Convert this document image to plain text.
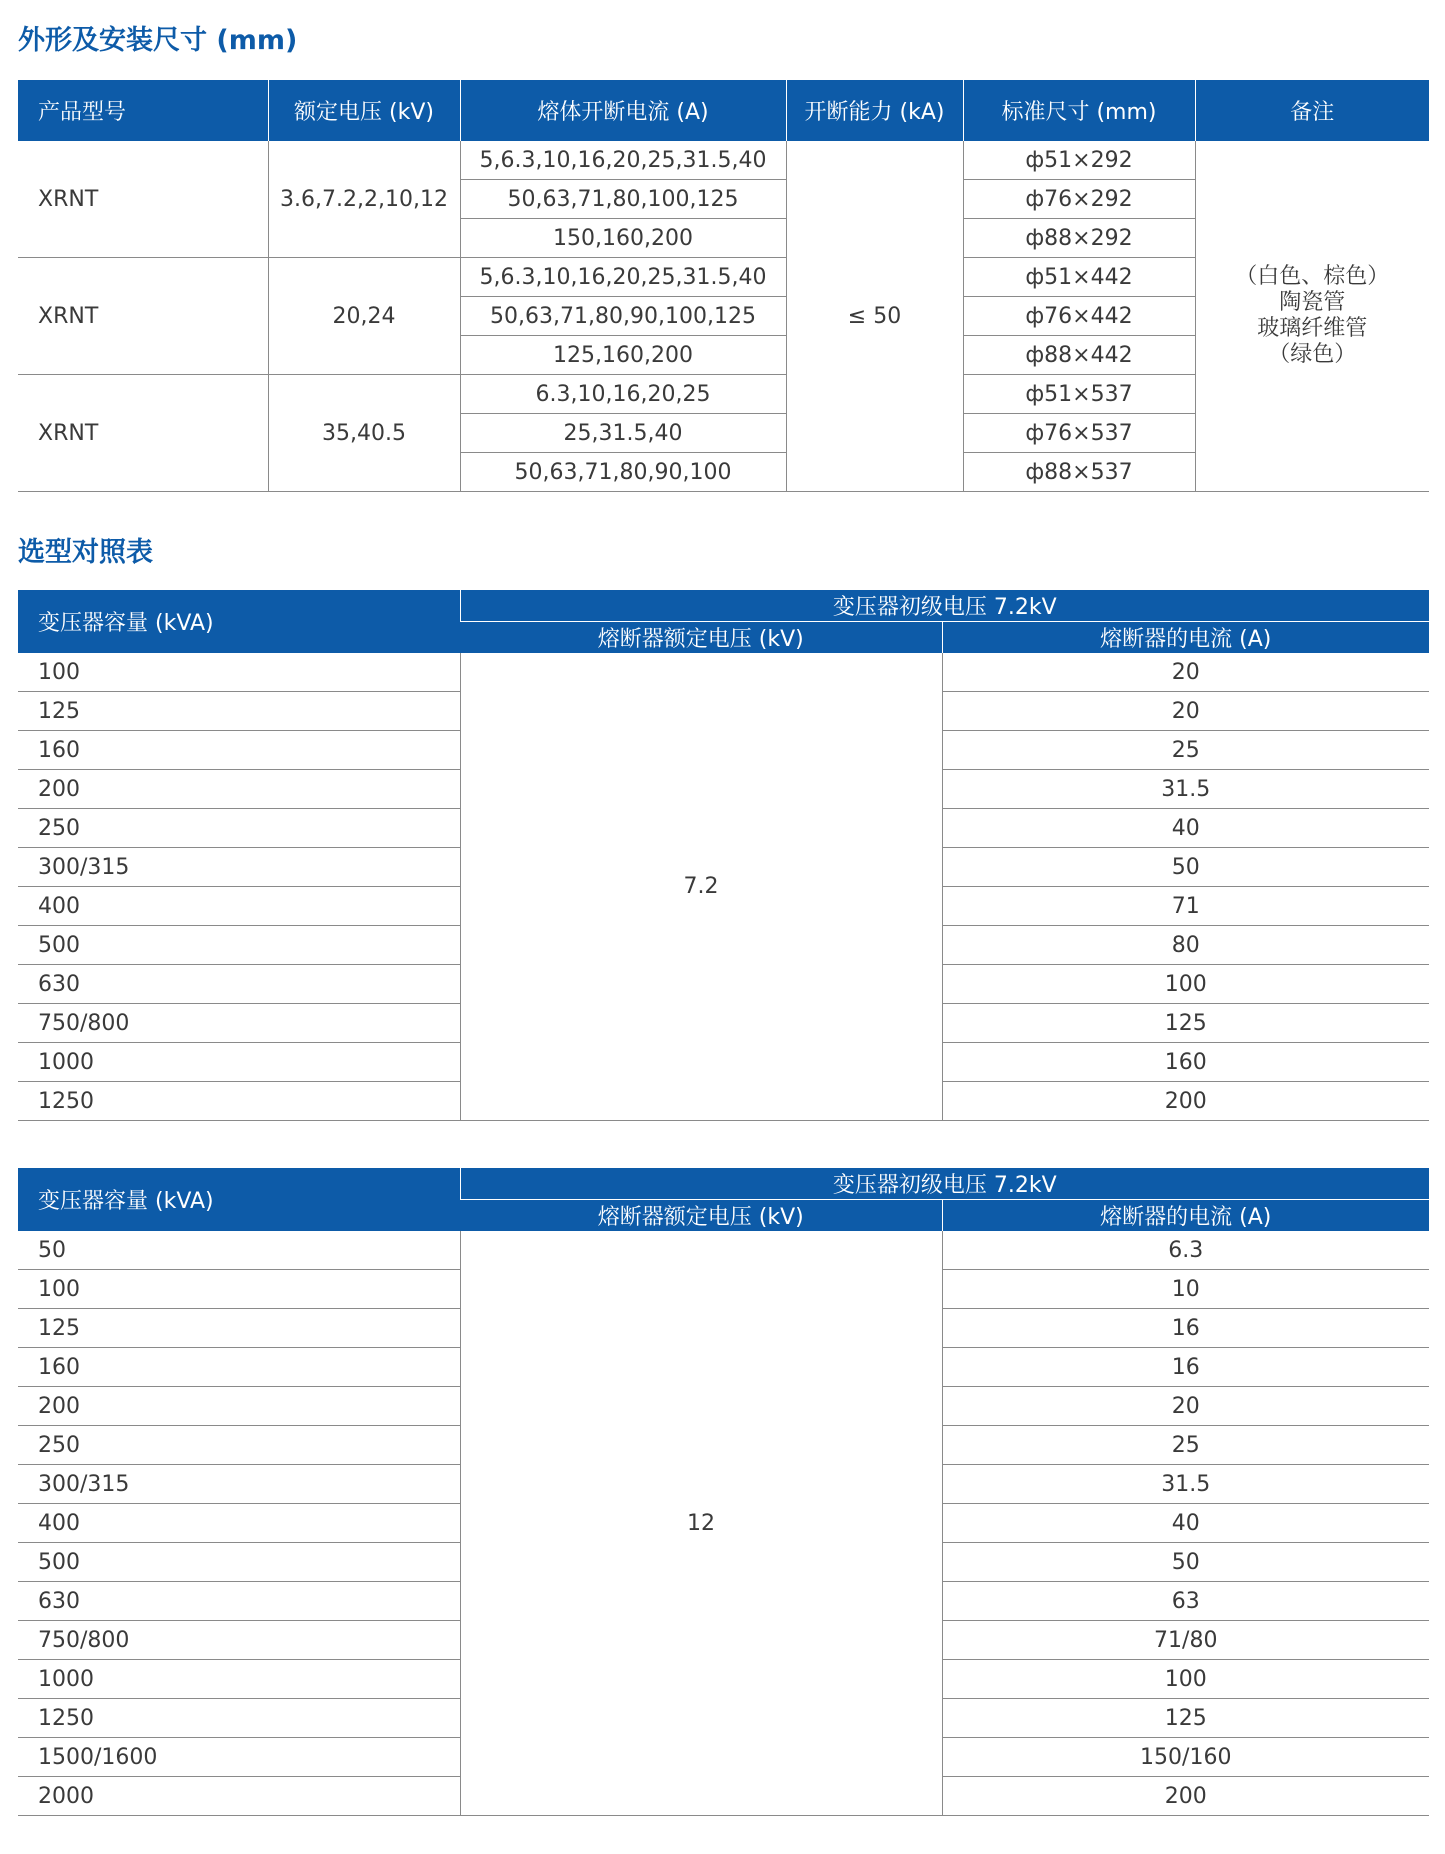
外形及安装尺寸 (mm)
产品型号	额定电压 (kV)	熔体开断电流 (A)	开断能力 (kA)	标准尺寸 (mm)	备注
XRNT	3.6,7.2,2,10,12	5,6.3,10,16,20,25,31.5,40	≤ 50	ф51×292	（白色、棕色）
陶瓷管
玻璃纤维管
（绿色）

		50,63,71,80,100,125		ф76×292	
		150,160,200		ф88×292	
XRNT	20,24	5,6.3,10,16,20,25,31.5,40		ф51×442	
		50,63,71,80,90,100,125		ф76×442	
		125,160,200		ф88×442	
XRNT	35,40.5	6.3,10,16,20,25		ф51×537	
		25,31.5,40		ф76×537	
		50,63,71,80,90,100		ф88×537	
选型对照表
变压器容量 (kVA)	变压器初级电压 7.2kV	
	熔断器额定电压 (kV)	熔断器的电流 (A)
100	7.2	20
125		20
160		25
200		31.5
250		40
300/315		50
400		71
500		80
630		100
750/800		125
1000		160
1250		200
变压器容量 (kVA)	变压器初级电压 7.2kV	
	熔断器额定电压 (kV)	熔断器的电流 (A)
50	12	6.3
100		10
125		16
160		16
200		20
250		25
300/315		31.5
400		40
500		50
630		63
750/800		71/80
1000		100
1250		125
1500/1600		150/160
2000		200
